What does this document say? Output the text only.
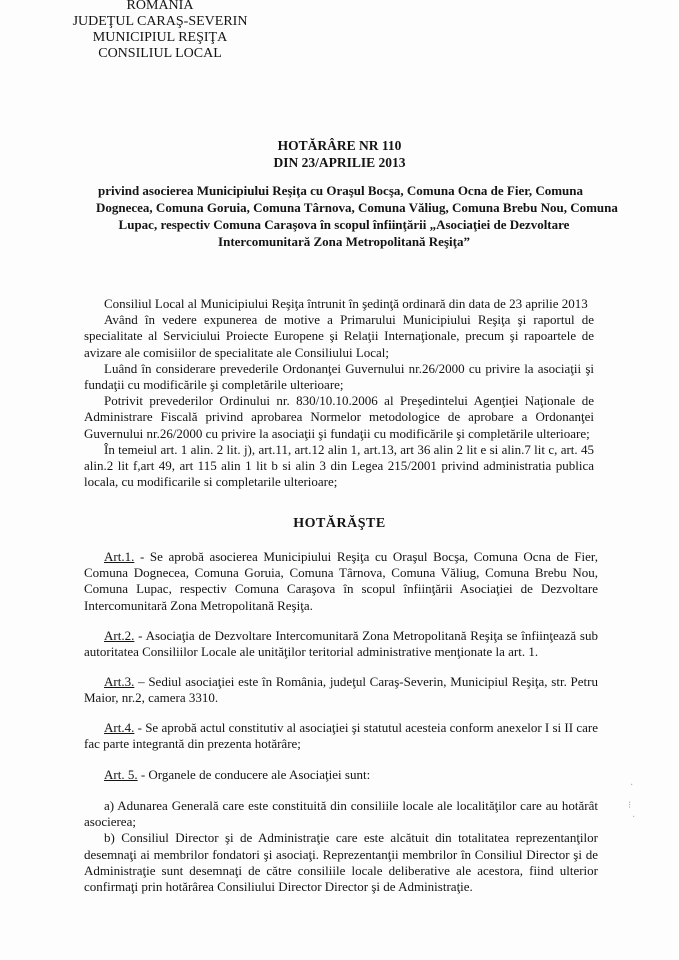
ROMANIA
JUDEŢUL CARAŞ-SEVERIN
MUNICIPIUL REŞIŢA
CONSILIUL LOCAL
HOTĂRÂRE NR 110
DIN 23/APRILIE 2013
privind asocierea Municipiului Reşiţa cu Oraşul Bocşa, Comuna Ocna de Fier, Comuna
Dognecea, Comuna Goruia, Comuna Târnova, Comuna Văliug, Comuna Brebu Nou, Comuna
Lupac, respectiv Comuna Caraşova în scopul înfiinţării „Asociaţiei de Dezvoltare
Intercomunitară Zona Metropolitană Reşiţa”

Consiliul Local al Municipiului Reşiţa întrunit în şedinţă ordinară din data de 23 aprilie 2013

Având în vedere expunerea de motive a Primarului Municipiului Reşiţa şi raportul de specialitate al Serviciului Proiecte Europene şi Relaţii Internaţionale, precum şi rapoartele de avizare ale comisiilor de specialitate ale Consiliului Local;

Luând în considerare prevederile Ordonanţei Guvernului nr.26/2000 cu privire la asociaţii şi fundaţii cu modificările şi completările ulterioare;

Potrivit prevederilor Ordinului nr. 830/10.10.2006 al Preşedintelui Agenţiei Naţionale de Administrare Fiscală privind aprobarea Normelor metodologice de aprobare a Ordonanţei Guvernului nr.26/2000 cu privire la asociaţii şi fundaţii cu modificările şi completările ulterioare;

În temeiul art. 1 alin. 2 lit. j), art.11, art.12 alin 1, art.13, art 36 alin 2 lit e si alin.7 lit c, art. 45 alin.2 lit f,art 49, art 115 alin 1 lit b si alin 3 din Legea 215/2001 privind administratia publica locala, cu modificarile si completarile ulterioare;

HOTĂRĂŞTE

Art.1. - Se aprobă asocierea Municipiului Reşiţa cu Oraşul Bocşa, Comuna Ocna de Fier, Comuna Dognecea, Comuna Goruia, Comuna Târnova, Comuna Văliug, Comuna Brebu Nou, Comuna Lupac, respectiv Comuna Caraşova în scopul înfiinţării Asociaţiei de Dezvoltare Intercomunitară Zona Metropolitană Reşiţa.

Art.2. - Asociaţia de Dezvoltare Intercomunitară Zona Metropolitană Reşiţa se înfiinţează sub autoritatea Consiliilor Locale ale unităţilor teritorial administrative menţionate la art. 1.

Art.3. – Sediul asociaţiei este în România, judeţul Caraş-Severin, Municipiul Reşiţa, str. Petru Maior, nr.2, camera 3310.

Art.4. - Se aprobă actul constitutiv al asociaţiei şi statutul acesteia conform anexelor I si II care fac parte integrantă din prezenta hotărâre;

Art. 5. - Organele de conducere ale Asociaţiei sunt:

a) Adunarea Generală care este constituită din consiliile locale ale localităţilor care au hotărât asocierea;

b) Consiliul Director şi de Administraţie care este alcătuit din totalitatea reprezentanţilor desemnaţi ai membrilor fondatori şi asociaţi. Reprezentanţii membrilor în Consiliul Director şi de Administraţie sunt desemnaţi de către consiliile locale deliberative ale acestora, fiind ulterior confirmaţi prin hotărârea Consiliului Director Director şi de Administraţie.

·
⁝
·
